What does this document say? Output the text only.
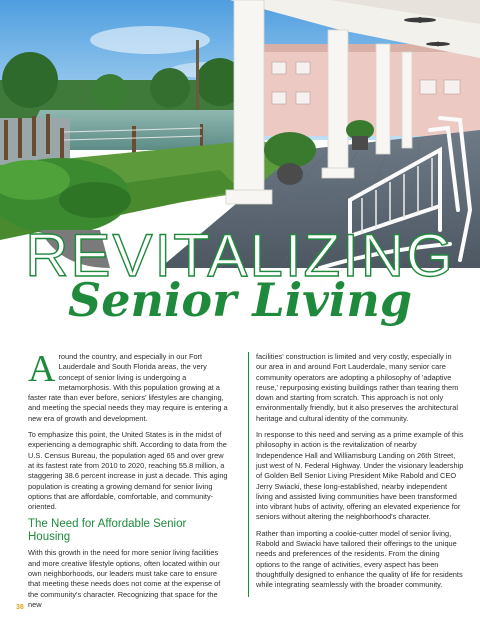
REVITALIZING
Senior Living

Around the country, and especially in our Fort Lauderdale and South Florida areas, the very concept of senior living is undergoing a metamorphosis. With this population growing at a faster rate than ever before, seniors' lifestyles are changing, and meeting the special needs they may require is entering a new era of growth and development.

To emphasize this point, the United States is in the midst of experiencing a demographic shift. According to data from the U.S. Census Bureau, the population aged 65 and over grew at its fastest rate from 2010 to 2020, reaching 55.8 million, a staggering 38.6 percent increase in just a decade. This aging population is creating a growing demand for senior living options that are affordable, comfortable, and community-oriented.

The Need for Affordable Senior Housing

With this growth in the need for more senior living facilities and more creative lifestyle options, often located within our own neighborhoods, our leaders must take care to ensure that meeting these needs does not come at the expense of the community's character. Recognizing that space for the new

facilities' construction is limited and very costly, especially in our area in and around Fort Lauderdale, many senior care community operators are adopting a philosophy of 'adaptive reuse,' repurposing existing buildings rather than tearing them down and starting from scratch. This approach is not only environmentally friendly, but it also preserves the architectural heritage and cultural identity of the community.

In response to this need and serving as a prime example of this philosophy in action is the revitalization of nearby Independence Hall and Williamsburg Landing on 26th Street, just west of N. Federal Highway. Under the visionary leadership of Golden Bell Senior Living President Mike Rabold and CEO Jerry Swiacki, these long-established, nearby independent living and assisted living communities have been transformed into vibrant hubs of activity, offering an elevated experience for seniors without altering the neighborhood's character.

Rather than importing a cookie-cutter model of senior living, Rabold and Swiacki have tailored their offerings to the unique needs and preferences of the residents. From the dining options to the range of activities, every aspect has been thoughtfully designed to enhance the quality of life for residents while integrating seamlessly with the broader community.

38
